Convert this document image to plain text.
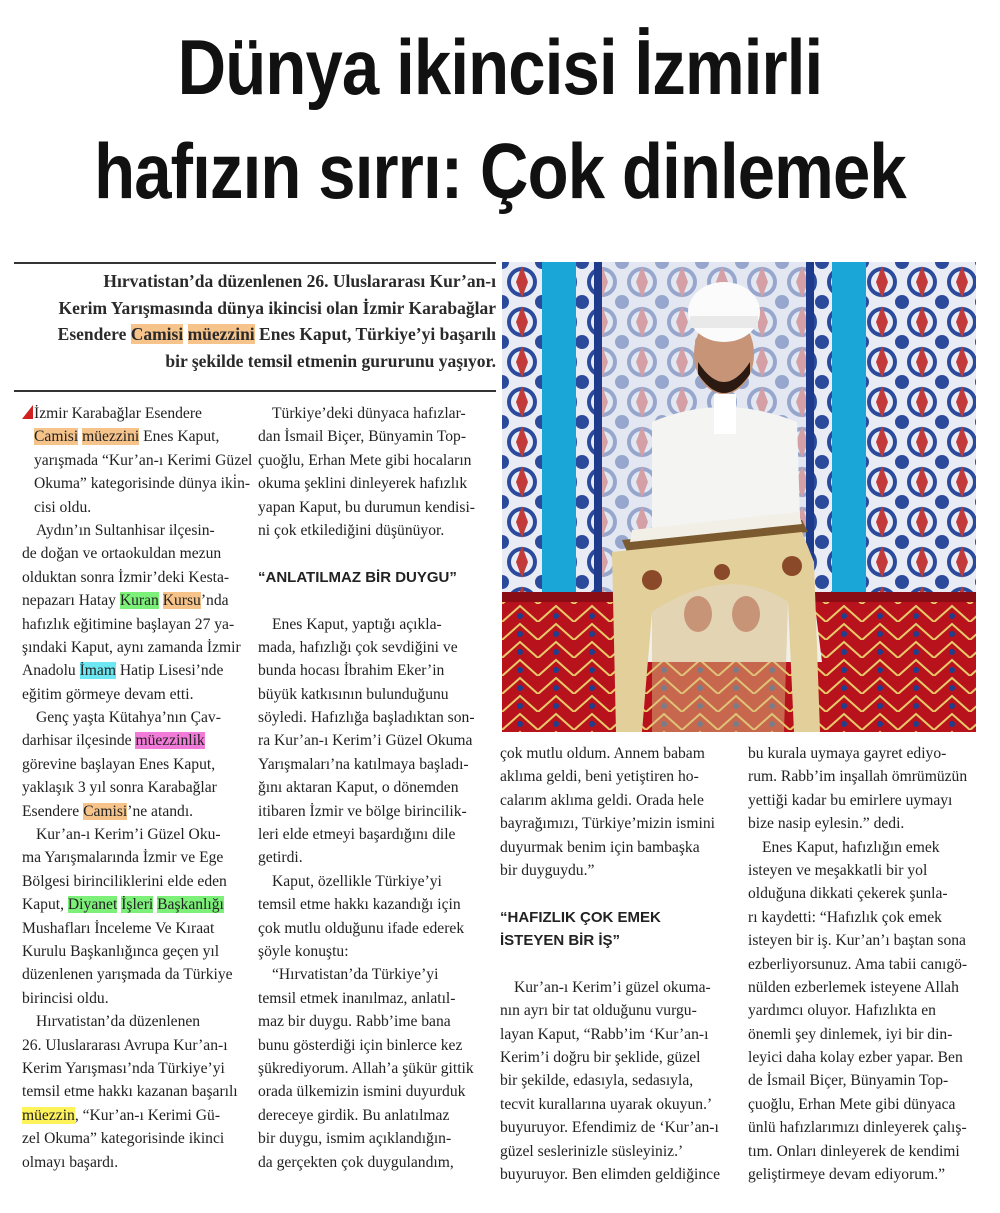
Dünya ikincisi İzmirli
hafızın sırrı: Çok dinlemek
Hırvatistan’da düzenlenen 26. Uluslararası Kur’an-ı
Kerim Yarışmasında dünya ikincisi olan İzmir Karabağlar
Esendere Camisi müezzini Enes Kaput, Türkiye’yi başarılı
bir şekilde temsil etmenin gururunu yaşıyor.
İzmir Karabağlar Esendere
Camisi müezzini Enes Kaput,
yarışmada “Kur’an-ı Kerimi Güzel
Okuma” kategorisinde dünya iki̇n-
cisi oldu.
Aydın’ın Sultanhisar ilçesin-
de doğan ve ortaokuldan mezun
olduktan sonra İzmir’deki Kesta-
nepazarı Hatay Kuran Kursu’nda
hafızlık eğitimine başlayan 27 ya-
şındaki Kaput, aynı zamanda İzmir
Anadolu İmam Hatip Lisesi’nde
eğitim görmeye devam etti.
Genç yaşta Kütahya’nın Çav-
darhisar ilçesinde müezzinlik
görevine başlayan Enes Kaput,
yaklaşık 3 yıl sonra Karabağlar
Esendere Camisi’ne atandı.
Kur’an-ı Kerim’i Güzel Oku-
ma Yarışmalarında İzmir ve Ege
Bölgesi birinciliklerini elde eden
Kaput, Diyanet İşleri Başkanlığı
Mushafları İnceleme Ve Kıraat
Kurulu Başkanlığınca geçen yıl
düzenlenen yarışmada da Türkiye
birincisi oldu.
Hırvatistan’da düzenlenen
26. Uluslararası Avrupa Kur’an-ı
Kerim Yarışması’nda Türkiye’yi
temsil etme hakkı kazanan başarılı
müezzin, “Kur’an-ı Kerimi Gü-
zel Okuma” kategorisinde ikinci
olmayı başardı.
Türkiye’deki dünyaca hafızlar-
dan İsmail Biçer, Bünyamin Top-
çuoğlu, Erhan Mete gibi hocaların
okuma şeklini dinleyerek hafızlık
yapan Kaput, bu durumun kendisi-
ni çok etkilediğini düşünüyor.
“ANLATILMAZ BİR DUYGU”
Enes Kaput, yaptığı açıkla-
mada, hafızlığı çok sevdiğini ve
bunda hocası İbrahim Eker’in
büyük katkısının bulunduğunu
söyledi. Hafızlığa başladıktan son-
ra Kur’an-ı Kerim’i Güzel Okuma
Yarışmaları’na katılmaya başladı-
ğını aktaran Kaput, o dönemden
itibaren İzmir ve bölge birincilik-
leri elde etmeyi başardığını dile
getirdi.
Kaput, özellikle Türkiye’yi
temsil etme hakkı kazandığı için
çok mutlu olduğunu ifade ederek
şöyle konuştu:
“Hırvatistan’da Türkiye’yi
temsil etmek inanılmaz, anlatıl-
maz bir duygu. Rabb’ime bana
bunu gösterdiği için binlerce kez
şükrediyorum. Allah’a şükür gittik
orada ülkemizin ismini duyurduk
dereceye girdik. Bu anlatılmaz
bir duygu, ismim açıklandığın-
da gerçekten çok duygulandım,
çok mutlu oldum. Annem babam
aklıma geldi, beni yetiştiren ho-
calarım aklıma geldi. Orada hele
bayrağımızı, Türkiye’mizin ismini
duyurmak benim için bambaşka
bir duyguydu.”
“HAFIZLIK ÇOK EMEK
İSTEYEN BİR İŞ”
Kur’an-ı Kerim’i güzel okuma-
nın ayrı bir tat olduğunu vurgu-
layan Kaput, “Rabb’im ‘Kur’an-ı
Kerim’i doğru bir şeklide, güzel
bir şekilde, edasıyla, sedasıyla,
tecvit kurallarına uyarak okuyun.’
buyuruyor. Efendimiz de ‘Kur’an-ı
güzel seslerinizle süsleyiniz.’
buyuruyor. Ben elimden geldiğince
bu kurala uymaya gayret ediyo-
rum. Rabb’im inşallah ömrümüzün
yettiği kadar bu emirlere uymayı
bize nasip eylesin.” dedi.
Enes Kaput, hafızlığın emek
isteyen ve meşakkatli bir yol
olduğuna dikkati çekerek şunla-
rı kaydetti: “Hafızlık çok emek
isteyen bir iş. Kur’an’ı baştan sona
ezberliyorsunuz. Ama tabii canıgö-
nülden ezberlemek isteyene Allah
yardımcı oluyor. Hafızlıkta en
önemli şey dinlemek, iyi bir din-
leyici daha kolay ezber yapar. Ben
de İsmail Biçer, Bünyamin Top-
çuoğlu, Erhan Mete gibi dünyaca
ünlü hafızlarımızı dinleyerek çalış-
tım. Onları dinleyerek de kendimi
geliştirmeye devam ediyorum.”
